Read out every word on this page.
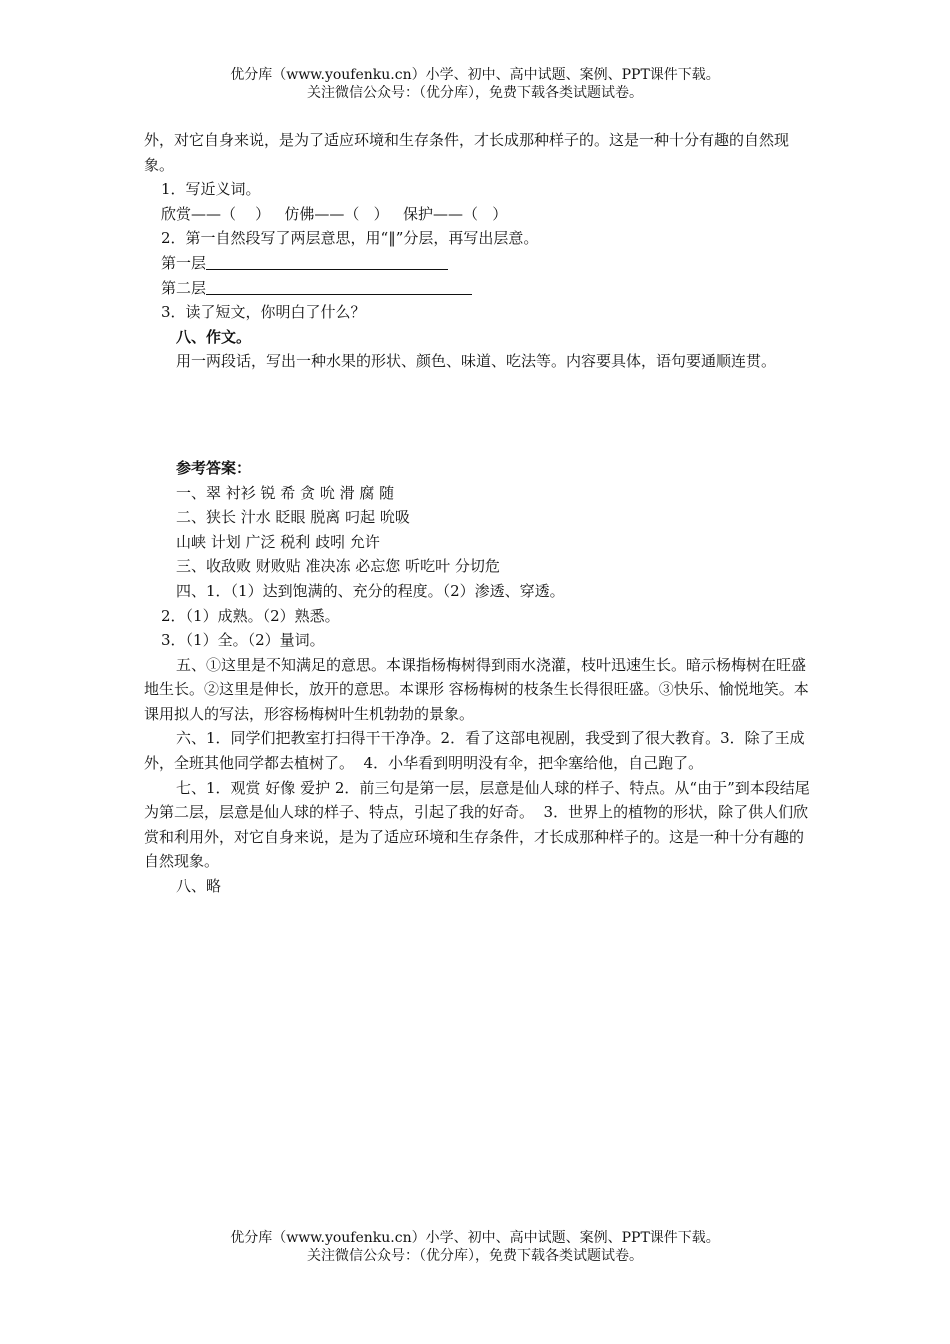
优分库（www.youfenku.cn）小学、初中、高中试题、案例、PPT课件下载。
关注微信公众号：（优分库），免费下载各类试题试卷。

外，对它自身来说，是为了适应环境和生存条件，才长成那种样子的。这是一种十分有趣的自然现象。

1．写近义词。

欣赏——（    ）   仿佛——（   ）   保护——（   ）

2．第一自然段写了两层意思，用“‖”分层，再写出层意。

第一层

第二层

3．读了短文，你明白了什么？

八、作文。

用一两段话，写出一种水果的形状、颜色、味道、吃法等。内容要具体，语句要通顺连贯。

参考答案：

一、翠 衬衫 锐 希 贪 吮 滑 腐 随

二、狭长 汁水 眨眼 脱离 叼起 吮吸

山峡 计划 广泛 税利 歧吲 允许

三、收敌败 财败贴 准决冻 必忘您 听吃叶 分切危

四、1．（1）达到饱满的、充分的程度。（2）渗透、穿透。

2．（1）成熟。（2）熟悉。

3．（1）全。（2）量词。

五、①这里是不知满足的意思。本课指杨梅树得到雨水浇灌，枝叶迅速生长。暗示杨梅树在旺盛地生长。②这里是伸长，放开的意思。本课形 容杨梅树的枝条生长得很旺盛。③快乐、愉悦地笑。本课用拟人的写法，形容杨梅树叶生机勃勃的景象。

六、1．同学们把教室打扫得干干净净。2．看了这部电视剧，我受到了很大教育。3．除了王成外，全班其他同学都去植树了。  4．小华看到明明没有伞，把伞塞给他，自己跑了。

七、1．观赏 好像 爱护 2．前三句是第一层，层意是仙人球的样子、特点。从“由于”到本段结尾为第二层，层意是仙人球的样子、特点，引起了我的好奇。  3．世界上的植物的形状，除了供人们欣赏和利用外，对它自身来说，是为了适应环境和生存条件，才长成那种样子的。这是一种十分有趣的自然现象。

八、略

优分库（www.youfenku.cn）小学、初中、高中试题、案例、PPT课件下载。
关注微信公众号：（优分库），免费下载各类试题试卷。
